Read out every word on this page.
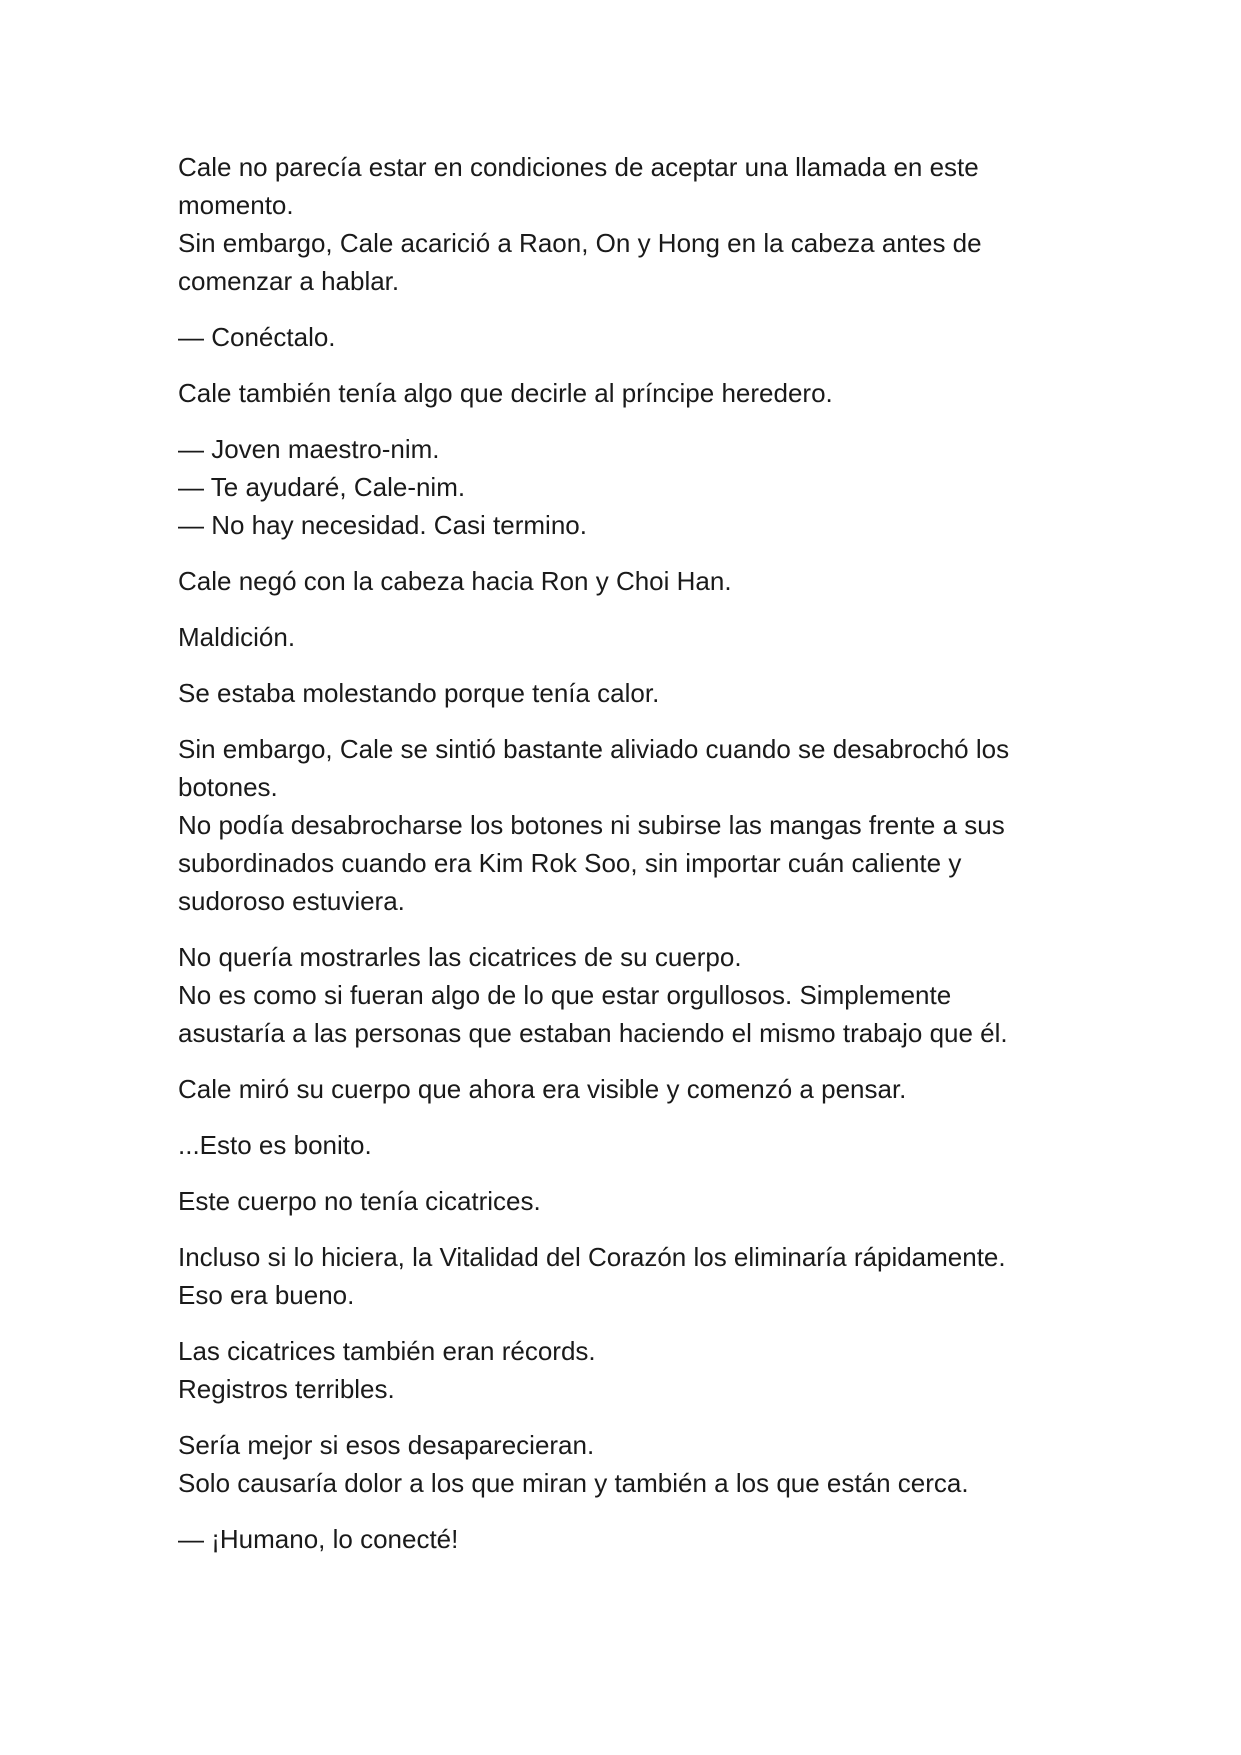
Cale no parecía estar en condiciones de aceptar una llamada en este
momento.
Sin embargo, Cale acarició a Raon, On y Hong en la cabeza antes de
comenzar a hablar.

— Conéctalo.

Cale también tenía algo que decirle al príncipe heredero.

— Joven maestro-nim.
— Te ayudaré, Cale-nim.
— No hay necesidad. Casi termino.

Cale negó con la cabeza hacia Ron y Choi Han.

Maldición.

Se estaba molestando porque tenía calor.

Sin embargo, Cale se sintió bastante aliviado cuando se desabrochó los
botones.
No podía desabrocharse los botones ni subirse las mangas frente a sus
subordinados cuando era Kim Rok Soo, sin importar cuán caliente y
sudoroso estuviera.

No quería mostrarles las cicatrices de su cuerpo.
No es como si fueran algo de lo que estar orgullosos. Simplemente
asustaría a las personas que estaban haciendo el mismo trabajo que él.

Cale miró su cuerpo que ahora era visible y comenzó a pensar.

...Esto es bonito.

Este cuerpo no tenía cicatrices.

Incluso si lo hiciera, la Vitalidad del Corazón los eliminaría rápidamente.
Eso era bueno.

Las cicatrices también eran récords.
Registros terribles.

Sería mejor si esos desaparecieran.
Solo causaría dolor a los que miran y también a los que están cerca.

— ¡Humano, lo conecté!
